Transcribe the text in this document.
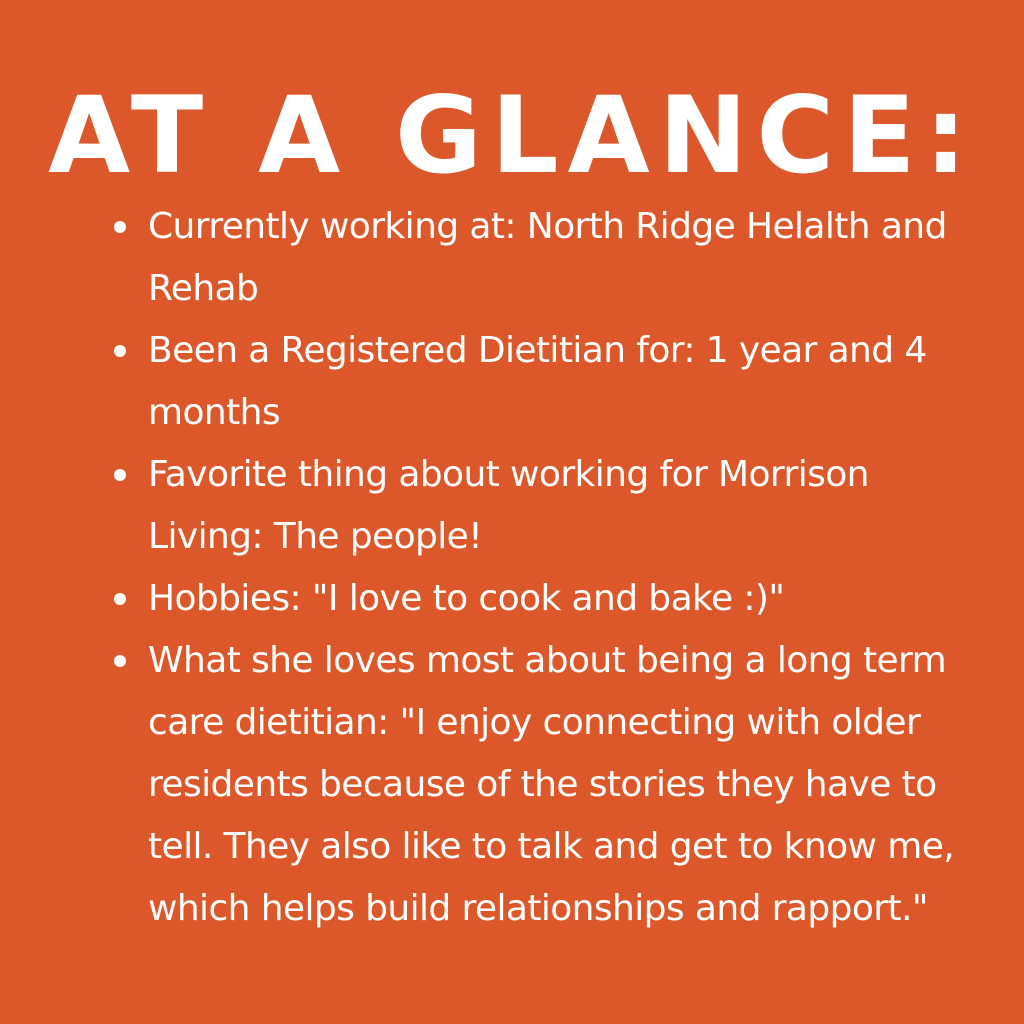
AT A GLANCE:
Currently working at: North Ridge Helalth and Rehab
Been a Registered Dietitian for: 1 year and 4 months
Favorite thing about working for Morrison Living: The people!
Hobbies: "I love to cook and bake :)"
What she loves most about being a long term care dietitian: "I enjoy connecting with older residents because of the stories they have to tell. They also like to talk and get to know me, which helps build relationships and rapport."
